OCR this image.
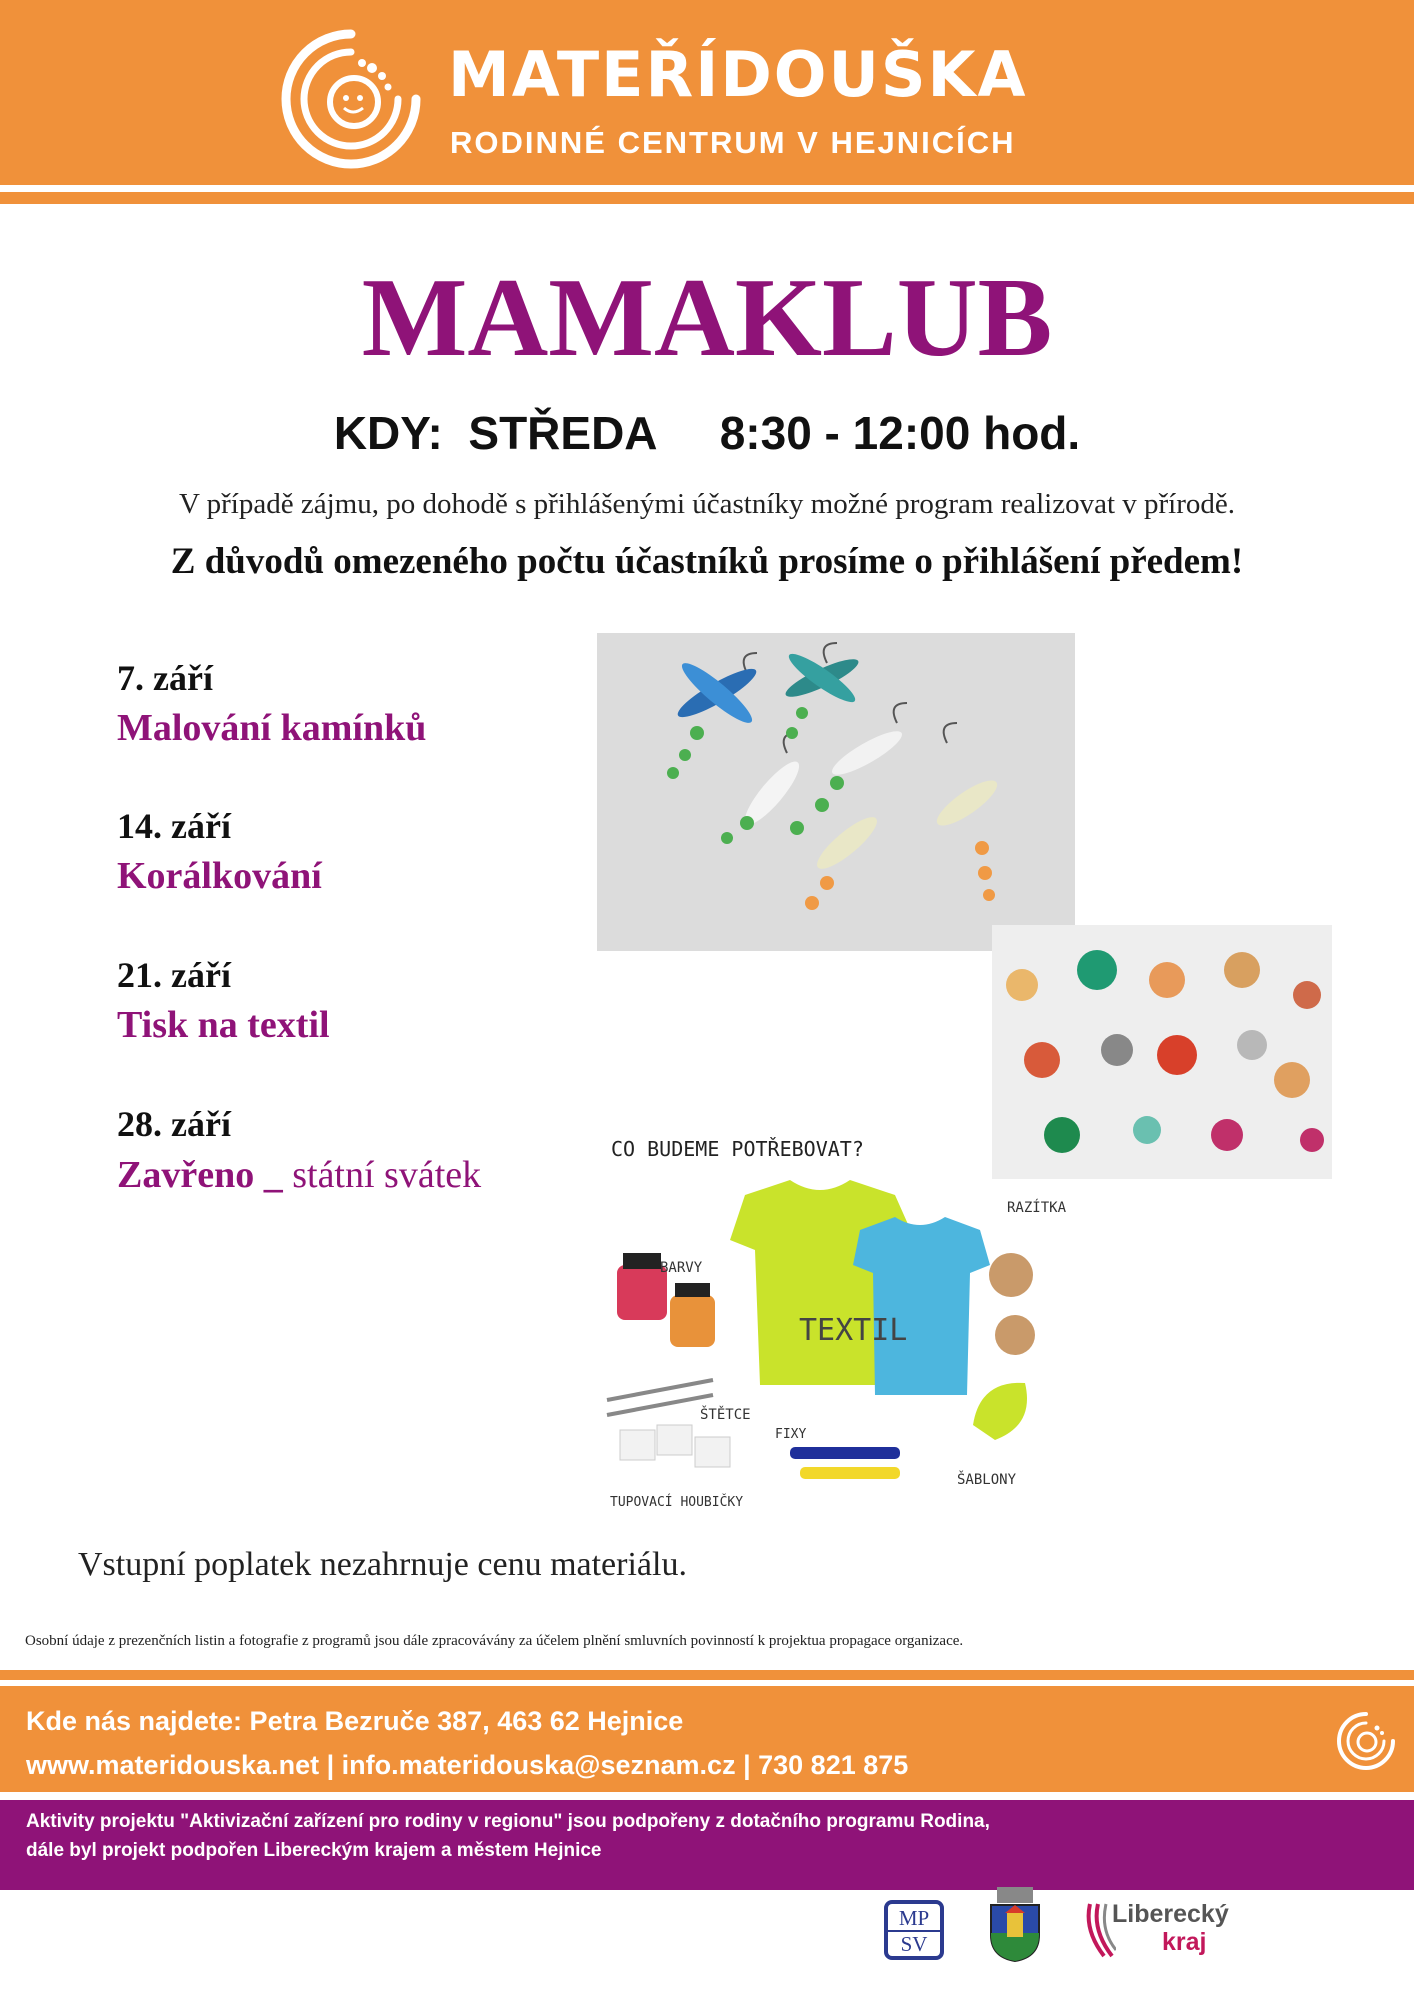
MATEŘÍDOUŠKA
RODINNÉ CENTRUM V HEJNICÍCH
MAMAKLUB
KDY:  STŘEDA     8:30 - 12:00 hod.
V případě zájmu, po dohodě s přihlášenými účastníky možné program realizovat v přírodě.
Z důvodů omezeného počtu účastníků prosíme o přihlášení předem!
7. září
Malování kamínků
14. září
Korálkování
21. září
Tisk na textil
28. září
Zavřeno _ státní svátek
CO BUDEME POTŘEBOVAT?
BARVY
TEXTIL
RAZÍTKA
ŠTĚTCE
FIXY
TUPOVACÍ HOUBIČKY
ŠABLONY
Vstupní poplatek nezahrnuje cenu materiálu.
Osobní údaje z prezenčních listin a fotografie z programů jsou dále zpracovávány za účelem plnění smluvních povinností k projektua propagace organizace.
Kde nás najdete: Petra Bezruče 387, 463 62 Hejnice
www.materidouska.net | info.materidouska@seznam.cz | 730 821 875
Aktivity projektu "Aktivizační zařízení pro rodiny v regionu" jsou podpořeny z dotačního programu Rodina,
dále byl projekt podpořen Libereckým krajem a městem Hejnice
MP
SV
Liberecký
kraj
